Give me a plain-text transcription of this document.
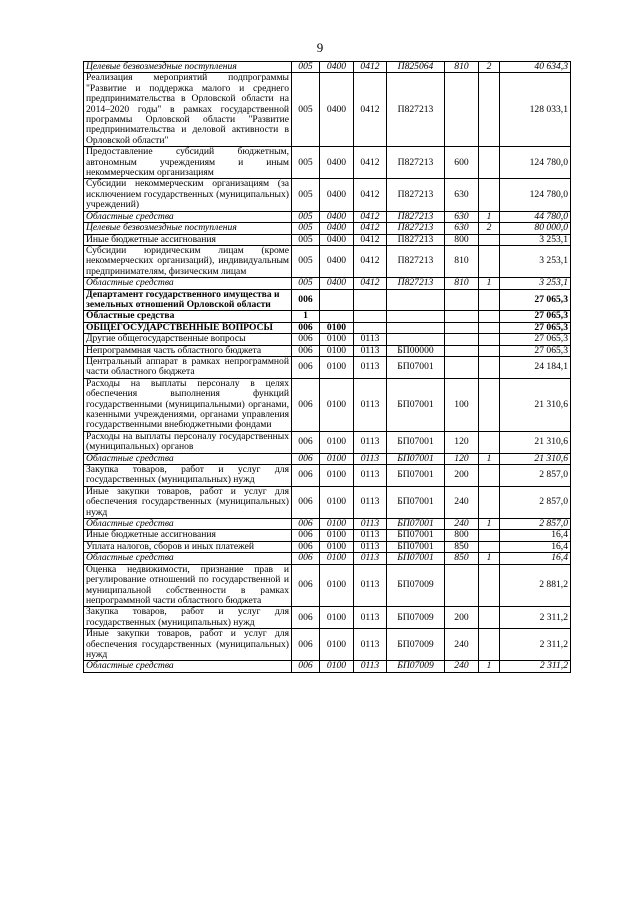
9
Целевые безвозмездные поступления	005	0400	0412	П825064	810	2	40 634,3
Реализация мероприятий подпрограммы "Развитие и поддержка малого и среднего предпринимательства в Орловской области на 2014–2020 годы" в рамках государственной программы Орловской области "Развитие предпринимательства и деловой активности в Орловской области"	005	0400	0412	П827213			128 033,1
Предоставление субсидий бюджетным, автономным учреждениям и иным некоммерческим организациям	005	0400	0412	П827213	600		124 780,0
Субсидии некоммерческим организациям (за исключением государственных (муниципальных) учреждений)	005	0400	0412	П827213	630		124 780,0
Областные средства	005	0400	0412	П827213	630	1	44 780,0
Целевые безвозмездные поступления	005	0400	0412	П827213	630	2	80 000,0
Иные бюджетные ассигнования	005	0400	0412	П827213	800		3 253,1
Субсидии юридическим лицам (кроме некоммерческих организаций), индивидуальным предпринимателям, физическим лицам	005	0400	0412	П827213	810		3 253,1
Областные средства	005	0400	0412	П827213	810	1	3 253,1
Департамент государственного имущества и земельных отношений Орловской области	006						27 065,3
Областные средства	1						27 065,3
ОБЩЕГОСУДАРСТВЕННЫЕ ВОПРОСЫ	006	0100					27 065,3
Другие общегосударственные вопросы	006	0100	0113				27 065,3
Непрограммная часть областного бюджета	006	0100	0113	БП00000			27 065,3
Центральный аппарат в рамках непрограммной части областного бюджета	006	0100	0113	БП07001			24 184,1
Расходы на выплаты персоналу в целях обеспечения выполнения функций государственными (муниципальными) органами, казенными учреждениями, органами управления государственными внебюджетными фондами	006	0100	0113	БП07001	100		21 310,6
Расходы на выплаты персоналу государственных (муниципальных) органов	006	0100	0113	БП07001	120		21 310,6
Областные средства	006	0100	0113	БП07001	120	1	21 310,6
Закупка товаров, работ и услуг для государственных (муниципальных) нужд	006	0100	0113	БП07001	200		2 857,0
Иные закупки товаров, работ и услуг для обеспечения государственных (муниципальных) нужд	006	0100	0113	БП07001	240		2 857,0
Областные средства	006	0100	0113	БП07001	240	1	2 857,0
Иные бюджетные ассигнования	006	0100	0113	БП07001	800		16,4
Уплата налогов, сборов и иных платежей	006	0100	0113	БП07001	850		16,4
Областные средства	006	0100	0113	БП07001	850	1	16,4
Оценка недвижимости, признание прав и регулирование отношений по государственной и муниципальной собственности в рамках непрограммной части областного бюджета	006	0100	0113	БП07009			2 881,2
Закупка товаров, работ и услуг для государственных (муниципальных) нужд	006	0100	0113	БП07009	200		2 311,2
Иные закупки товаров, работ и услуг для обеспечения государственных (муниципальных) нужд	006	0100	0113	БП07009	240		2 311,2
Областные средства	006	0100	0113	БП07009	240	1	2 311,2
